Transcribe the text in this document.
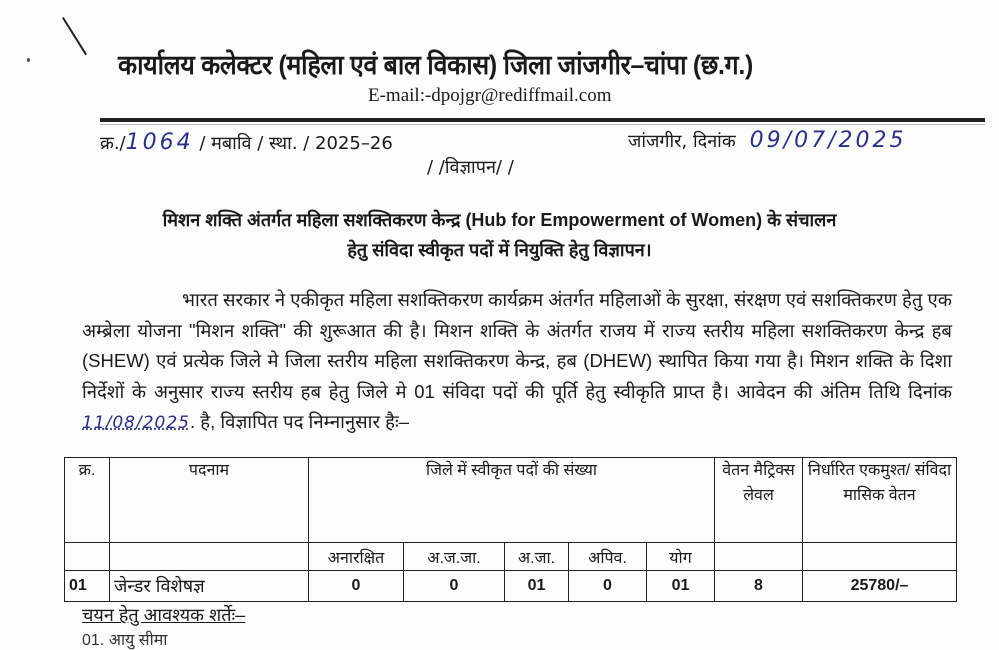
कार्यालय कलेक्टर (महिला एवं बाल विकास) जिला जांजगीर–चांपा (छ.ग.)
E-mail:-dpojgr@rediffmail.com
क्र./1064 / मबावि / स्था. / 2025–26	जांजगीर, दिनांक 09/07/2025
/ /विज्ञापन/ /
मिशन शक्ति अंतर्गत महिला सशक्तिकरण केन्द्र (Hub for Empowerment of Women) के संचालन
हेतु संविदा स्वीकृत पदों में नियुक्ति हेतु विज्ञापन।
भारत सरकार ने एकीकृत महिला सशक्तिकरण कार्यक्रम अंतर्गत महिलाओं के सुरक्षा, संरक्षण एवं सशक्तिकरण हेतु एक अम्ब्रेला योजना "मिशन शक्ति" की शुरूआत की है। मिशन शक्ति के अंतर्गत राजय में राज्य स्तरीय महिला सशक्तिकरण केन्द्र हब (SHEW) एवं प्रत्येक जिले मे जिला स्तरीय महिला सशक्तिकरण केन्द्र, हब (DHEW) स्थापित किया गया है। मिशन शक्ति के दिशा निर्देशों के अनुसार राज्य स्तरीय हब हेतु जिले मे 01 संविदा पदों की पूर्ति हेतु स्वीकृति प्राप्त है। आवेदन की अंतिम तिथि दिनांक 11/08/2025. है, विज्ञापित पद निम्नानुसार हैः–
क्र.	पदनाम	जिले में स्वीकृत पदों की संख्या					वेतन मैट्रिक्स लेवल	निर्धारित एकमुश्त/ संविदा मासिक वेतन
		अनारक्षित	अ.ज.जा.	अ.जा.	अपिव.	योग		
01	जेन्डर विशेषज्ञ	0	0	01	0	01	8	25780/–
चयन हेतु आवश्यक शर्तेः–
01. आयु सीमा
